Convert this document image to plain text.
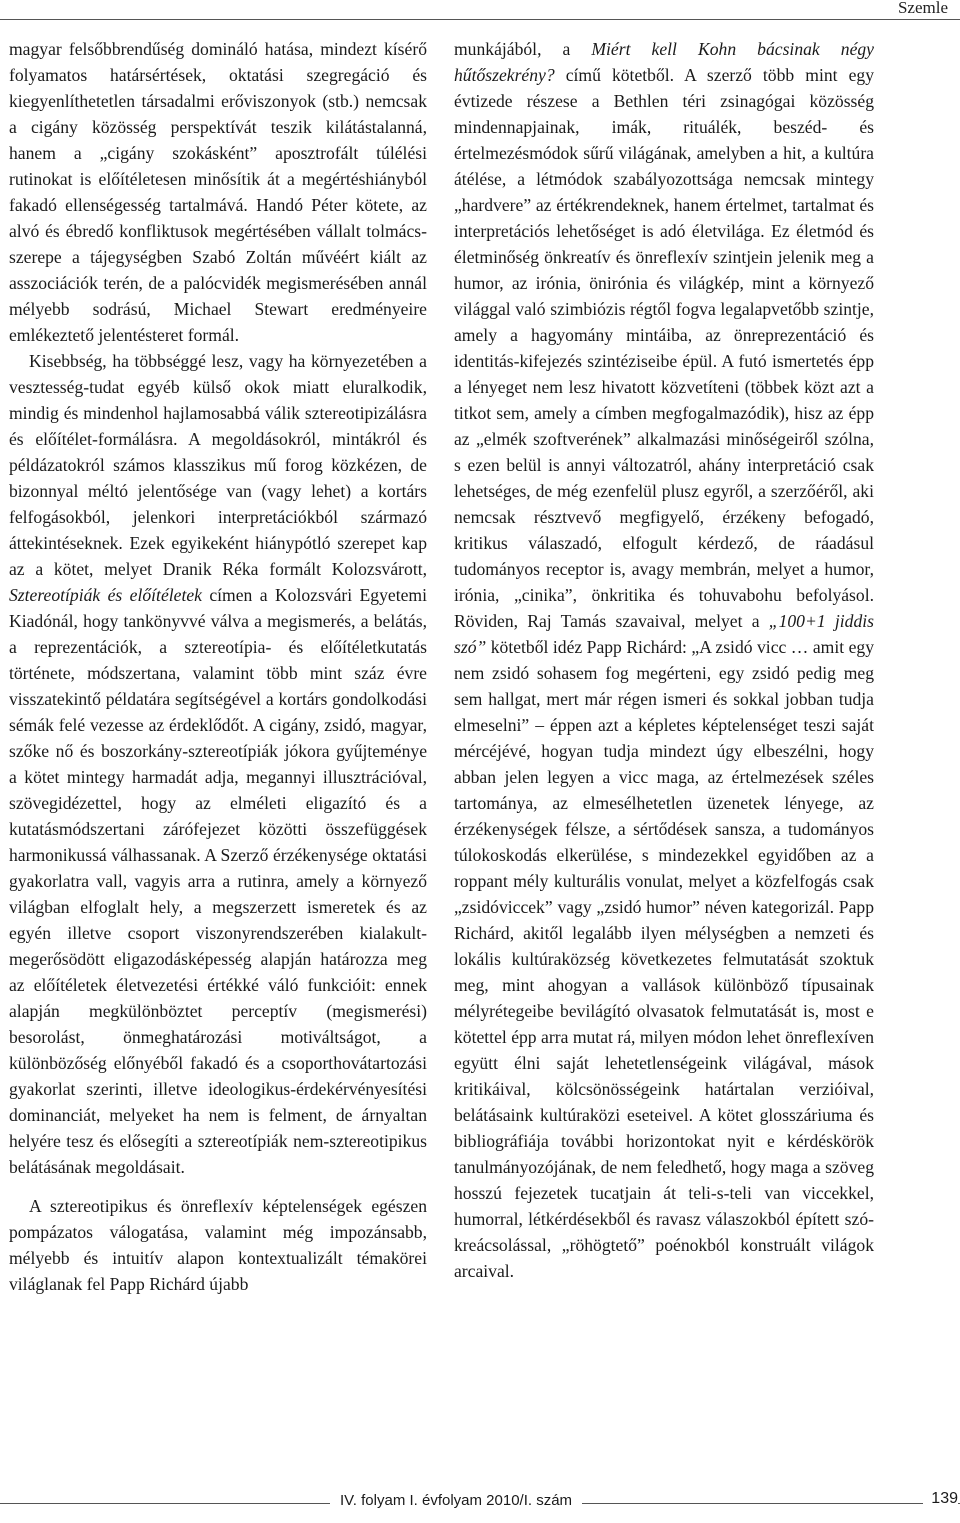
Szemle

magyar felsőbbrendűség domináló hatása, mindezt kísérő folyamatos határsértések, oktatási szegregáció és kiegyenlíthetetlen társadalmi erőviszonyok (stb.) nemcsak a cigány közösség perspektívát teszik kilátástalanná, hanem a „cigány szokásként” aposztrofált túlélési rutinokat is előítéletesen minősítik át a megértéshiányból fakadó ellenségesség tartalmává. Handó Péter kötete, az alvó és ébredő konfliktusok megértésében vállalt tolmács-szerepe a tájegységben Szabó Zoltán művéért kiált az asszociációk terén, de a palócvidék megismerésében annál mélyebb sodrású, Michael Stewart eredményeire emlékeztető jelentésteret formál.

Kisebbség, ha többséggé lesz, vagy ha környezetében a vesztesség-tudat egyéb külső okok miatt eluralkodik, mindig és mindenhol hajlamosabbá válik sztereotipizálásra és előítélet-formálásra. A megoldásokról, mintákról és példázatokról számos klasszikus mű forog közkézen, de bizonnyal méltó jelentősége van (vagy lehet) a kortárs felfogásokból, jelenkori interpretációkból származó áttekintéseknek. Ezek egyikeként hiánypótló szerepet kap az a kötet, melyet Dranik Réka formált Kolozsvárott, Sztereotípiák és előítéletek címen a Kolozsvári Egyetemi Kiadónál, hogy tankönyvvé válva a megismerés, a belátás, a reprezentációk, a sztereotípia- és előítéletkutatás története, módszertana, valamint több mint száz évre visszatekintő példatára segítségével a kortárs gondolkodási sémák felé vezesse az érdeklődőt. A cigány, zsidó, magyar, szőke nő és boszorkány-sztereotípiák jókora gyűjteménye a kötet mintegy harmadát adja, megannyi illusztrációval, szövegidézettel, hogy az elméleti eligazító és a kutatásmódszertani zárófejezet közötti összefüggések harmonikussá válhassanak. A Szerző érzékenysége oktatási gyakorlatra vall, vagyis arra a rutinra, amely a környező világban elfoglalt hely, a megszerzett ismeretek és az egyén illetve csoport viszonyrendszerében kialakult-megerősödött eligazodásképesség alapján határozza meg az előítéletek életvezetési értékké váló funkcióit: ennek alapján megkülönböztet perceptív (megismerési) besorolást, önmeghatározási motiváltságot, a különbözőség előnyéből fakadó és a csoporthovátartozási gyakorlat szerinti, illetve ideologikus-érdekérvényesítési dominanciát, melyeket ha nem is felment, de árnyaltan helyére tesz és elősegíti a sztereotípiák nem-sztereotipikus belátásának megoldásait.

A sztereotipikus és önreflexív képtelenségek egészen pompázatos válogatása, valamint még impozánsabb, mélyebb és intuitív alapon kontextualizált témakörei világlanak fel Papp Richárd újabb

munkájából, a Miért kell Kohn bácsinak négy hűtőszekrény? című kötetből. A szerző több mint egy évtizede részese a Bethlen téri zsinagógai közösség mindennapjainak, imák, rituálék, beszéd- és értelmezésmódok sűrű világának, amelyben a hit, a kultúra átélése, a létmódok szabályozottsága nemcsak mintegy „hardvere” az értékrendeknek, hanem értelmet, tartalmat és interpretációs lehetőséget is adó életvilága. Ez életmód és életminőség önkreatív és önreflexív szintjein jelenik meg a humor, az irónia, önirónia és világkép, mint a környező világgal való szimbiózis régtől fogva legalapvetőbb szintje, amely a hagyomány mintáiba, az önreprezentáció és identitás-kifejezés szintéziseibe épül. A futó ismertetés épp a lényeget nem lesz hivatott közvetíteni (többek közt azt a titkot sem, amely a címben megfogalmazódik), hisz az épp az „elmék szoftverének” alkalmazási minőségeiről szólna, s ezen belül is annyi változatról, ahány interpretáció csak lehetséges, de még ezenfelül plusz egyről, a szerzőéről, aki nemcsak résztvevő megfigyelő, érzékeny befogadó, kritikus válaszadó, elfogult kérdező, de ráadásul tudományos receptor is, avagy membrán, melyet a humor, irónia, „cinika”, önkritika és tohuvabohu befolyásol. Röviden, Raj Tamás szavaival, melyet a „100+1 jiddis szó” kötetből idéz Papp Richárd: „A zsidó vicc … amit egy nem zsidó sohasem fog megérteni, egy zsidó pedig meg sem hallgat, mert már régen ismeri és sokkal jobban tudja elmeselni” – éppen azt a képletes képtelenséget teszi saját mércéjévé, hogyan tudja mindezt úgy elbeszélni, hogy abban jelen legyen a vicc maga, az értelmezések széles tartománya, az elmesélhetetlen üzenetek lényege, az érzékenységek félsze, a sértődések sansza, a tudományos túlokoskodás elkerülése, s mindezekkel egyidőben az a roppant mély kulturális vonulat, melyet a közfelfogás csak „zsidóviccek” vagy „zsidó humor” néven kategorizál. Papp Richárd, akitől legalább ilyen mélységben a nemzeti és lokális kultúraközség következetes felmutatását szoktuk meg, mint ahogyan a vallások különböző típusainak mélyrétegeibe bevilágító olvasatok felmutatását is, most e kötettel épp arra mutat rá, milyen módon lehet önreflexíven együtt élni saját lehetetlenségeink világával, mások kritikáival, kölcsönösségeink határtalan verzióival, belátásaink kultúraközi eseteivel. A kötet glosszáriuma és bibliográfiája további horizontokat nyit e kérdéskörök tanulmányozójának, de nem feledhető, hogy maga a szöveg hosszú fejezetek tucatjain át teli-s-teli van viccekkel, humorral, létkérdésekből és ravasz válaszokból épített szó-kreácsolással, „röhögtető” poénokból konstruált világok arcaival.

IV. folyam I. évfolyam 2010/I. szám	139
